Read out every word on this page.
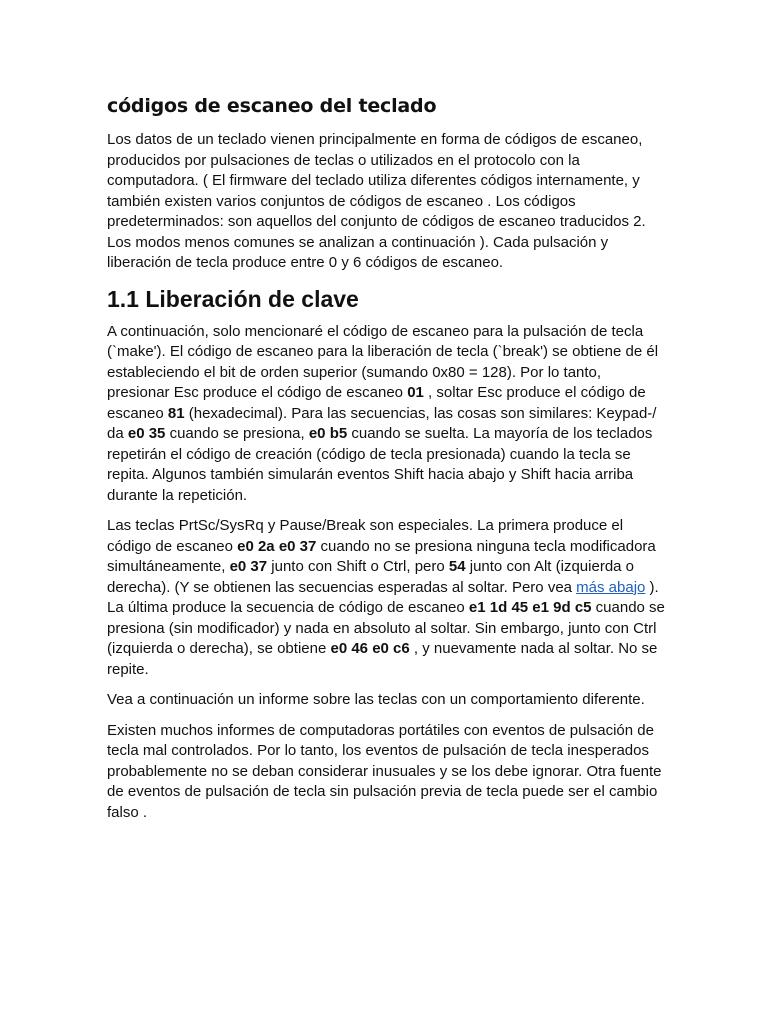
códigos de escaneo del teclado

Los datos de un teclado vienen principalmente en forma de códigos de escaneo, producidos por pulsaciones de teclas o utilizados en el protocolo con la computadora. ( El firmware del teclado utiliza diferentes códigos internamente, y también existen varios conjuntos de códigos de escaneo . Los códigos predeterminados: son aquellos del conjunto de códigos de escaneo traducidos 2. Los modos menos comunes se analizan a continuación ). Cada pulsación y liberación de tecla produce entre 0 y 6 códigos de escaneo.

1.1 Liberación de clave

A continuación, solo mencionaré el código de escaneo para la pulsación de tecla (`make'). El código de escaneo para la liberación de tecla (`break') se obtiene de él estableciendo el bit de orden superior (sumando 0x80 = 128). Por lo tanto, presionar Esc produce el código de escaneo 01 , soltar Esc produce el código de escaneo 81 (hexadecimal). Para las secuencias, las cosas son similares: Keypad-/ da e0 35 cuando se presiona, e0 b5 cuando se suelta. La mayoría de los teclados repetirán el código de creación (código de tecla presionada) cuando la tecla se repita. Algunos también simularán eventos Shift hacia abajo y Shift hacia arriba durante la repetición.

Las teclas PrtSc/SysRq y Pause/Break son especiales. La primera produce el código de escaneo e0 2a e0 37 cuando no se presiona ninguna tecla modificadora simultáneamente, e0 37 junto con Shift o Ctrl, pero 54 junto con Alt (izquierda o derecha). (Y se obtienen las secuencias esperadas al soltar. Pero vea más abajo ). La última produce la secuencia de código de escaneo e1 1d 45 e1 9d c5 cuando se presiona (sin modificador) y nada en absoluto al soltar. Sin embargo, junto con Ctrl (izquierda o derecha), se obtiene e0 46 e0 c6 , y nuevamente nada al soltar. No se repite.

Vea a continuación un informe sobre las teclas con un comportamiento diferente.

Existen muchos informes de computadoras portátiles con eventos de pulsación de tecla mal controlados. Por lo tanto, los eventos de pulsación de tecla inesperados probablemente no se deban considerar inusuales y se los debe ignorar. Otra fuente de eventos de pulsación de tecla sin pulsación previa de tecla puede ser el cambio falso .
